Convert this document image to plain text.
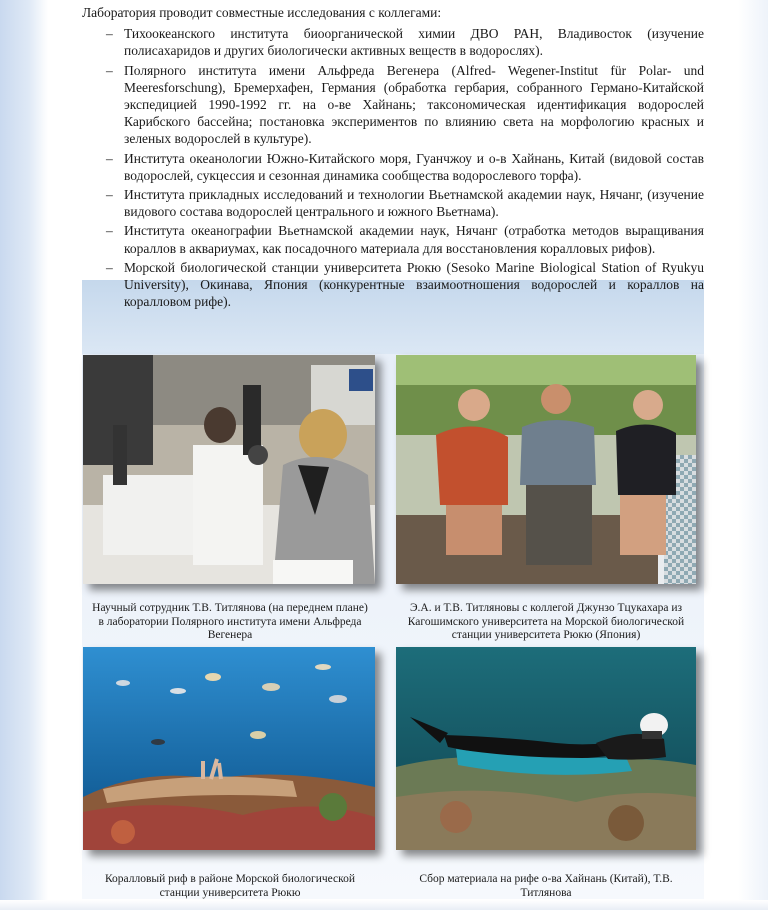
Лаборатория проводит совместные исследования с коллегами:

– Тихоокеанского института биоорганической химии ДВО РАН, Владивосток (изучение полисахаридов и других биологически активных веществ в водорослях).
– Полярного института имени Альфреда Вегенера (Alfred- Wegener-Institut für Polar- und Meeresforschung), Бремерхафен, Германия (обработка гербария, собранного Германо-Китайской экспедицией 1990-1992 гг. на о-ве Хайнань; таксономическая идентификация водорослей Карибского бассейна; постановка экспериментов по влиянию света на морфологию красных и зеленых водорослей в культуре).
– Института океанологии Южно-Китайского моря, Гуанчжоу и о-в Хайнань, Китай (видовой состав водорослей, сукцессия и сезонная динамика сообщества водорослевого торфа).
– Института прикладных исследований и технологии Вьетнамской академии наук, Нячанг, (изучение видового состава водорослей центрального и южного Вьетнама).
– Института океанографии Вьетнамской академии наук, Нячанг (отработка методов выращивания кораллов в аквариумах, как посадочного материала для восстановления коралловых рифов).
– Морской биологической станции университета Рюкю (Sesoko Marine Biological Station of Ryukyu University), Окинава, Япония (конкурентные взаимоотношения водорослей и кораллов на коралловом рифе).
Научный сотрудник Т.В. Титлянова (на переднем плане) в лаборатории Полярного института имени Альфреда Вегенера
Э.А. и Т.В. Титляновы с коллегой Джунзо Тцукахара из Кагошимского университета на Морской биологической станции университета Рюкю (Япония)
Коралловый риф в районе Морской биологической станции университета Рюкю
Сбор материала на рифе о-ва Хайнань (Китай), Т.В. Титлянова
